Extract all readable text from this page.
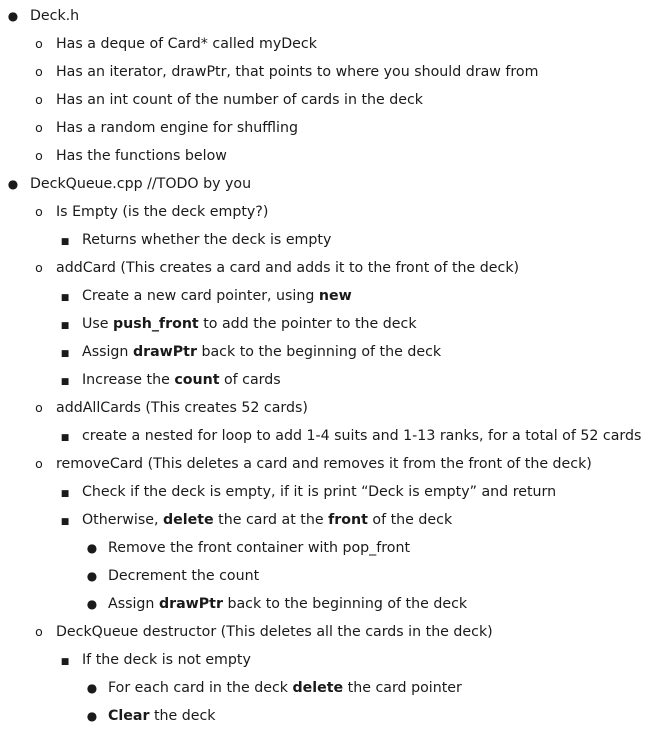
●
Deck.h
o
Has a deque of Card* called myDeck
o
Has an iterator, drawPtr, that points to where you should draw from
o
Has an int count of the number of cards in the deck
o
Has a random engine for shuffling
o
Has the functions below
●
DeckQueue.cpp //TODO by you
o
Is Empty (is the deck empty?)
■
Returns whether the deck is empty
o
addCard (This creates a card and adds it to the front of the deck)
■
Create a new card pointer, using new
■
Use push_front to add the pointer to the deck
■
Assign drawPtr back to the beginning of the deck
■
Increase the count of cards
o
addAllCards (This creates 52 cards)
■
create a nested for loop to add 1-4 suits and 1-13 ranks, for a total of 52 cards
o
removeCard (This deletes a card and removes it from the front of the deck)
■
Check if the deck is empty, if it is print “Deck is empty” and return
■
Otherwise, delete the card at the front of the deck
●
Remove the front container with pop_front
●
Decrement the count
●
Assign drawPtr back to the beginning of the deck
o
DeckQueue destructor (This deletes all the cards in the deck)
■
If the deck is not empty
●
For each card in the deck delete the card pointer
●
Clear the deck
